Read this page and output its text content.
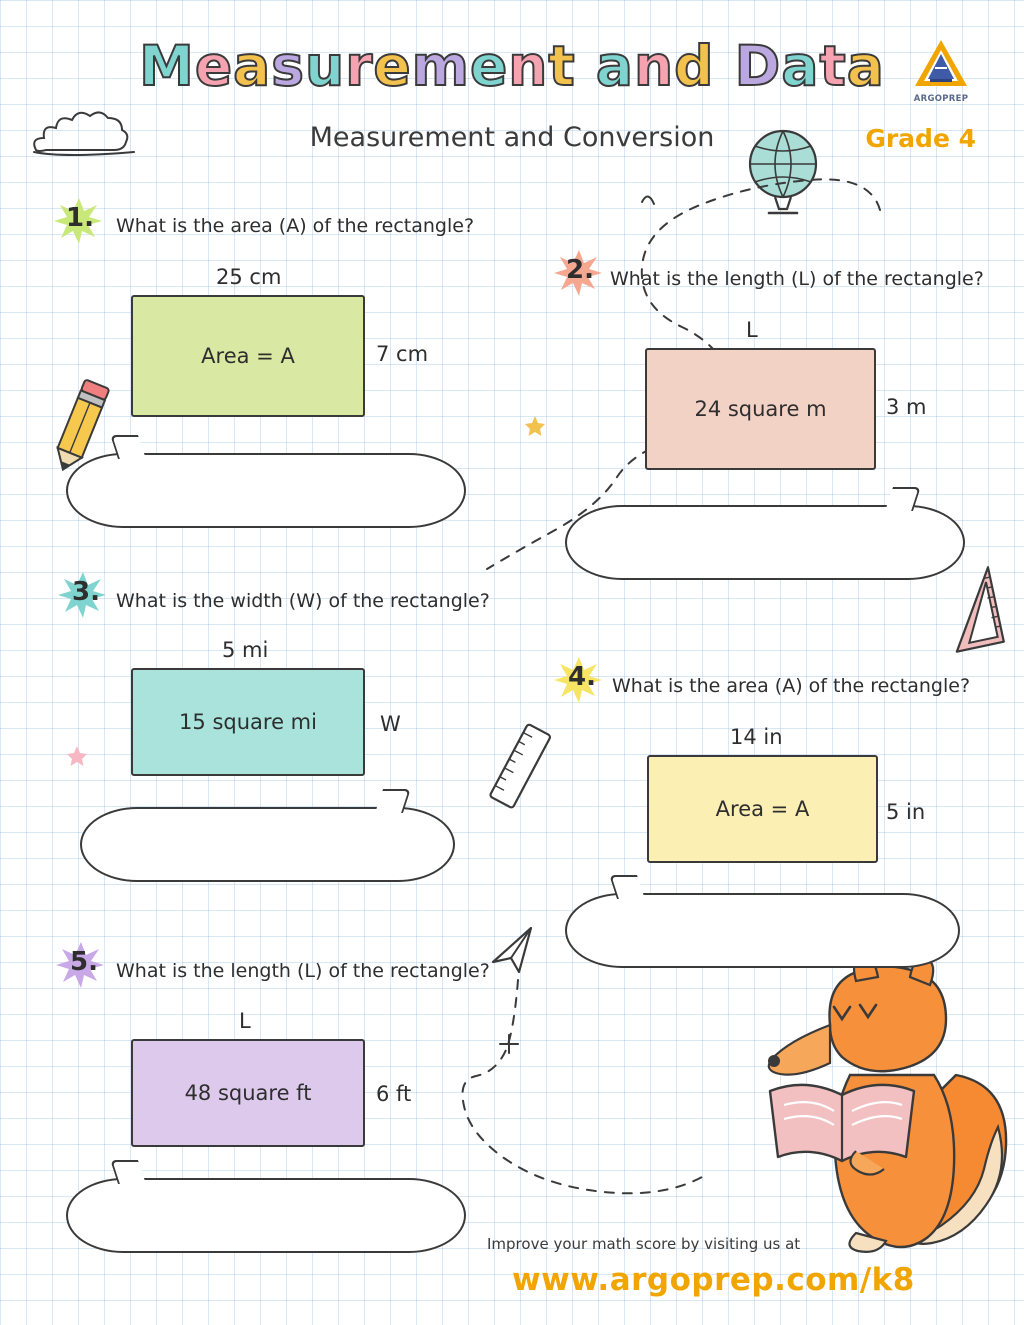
Measurement and Data
Measurement and Conversion	Grade 4
ARGOPREP
1. What is the area (A) of the rectangle?
25 cm
Area = A	7 cm
2. What is the length (L) of the rectangle?
L
24 square m	3 m
3. What is the width (W) of the rectangle?
5 mi
15 square mi	W
4. What is the area (A) of the rectangle?
14 in
Area = A	5 in
5. What is the length (L) of the rectangle?
L
48 square ft	6 ft
Improve your math score by visiting us at
www.argoprep.com/k8
